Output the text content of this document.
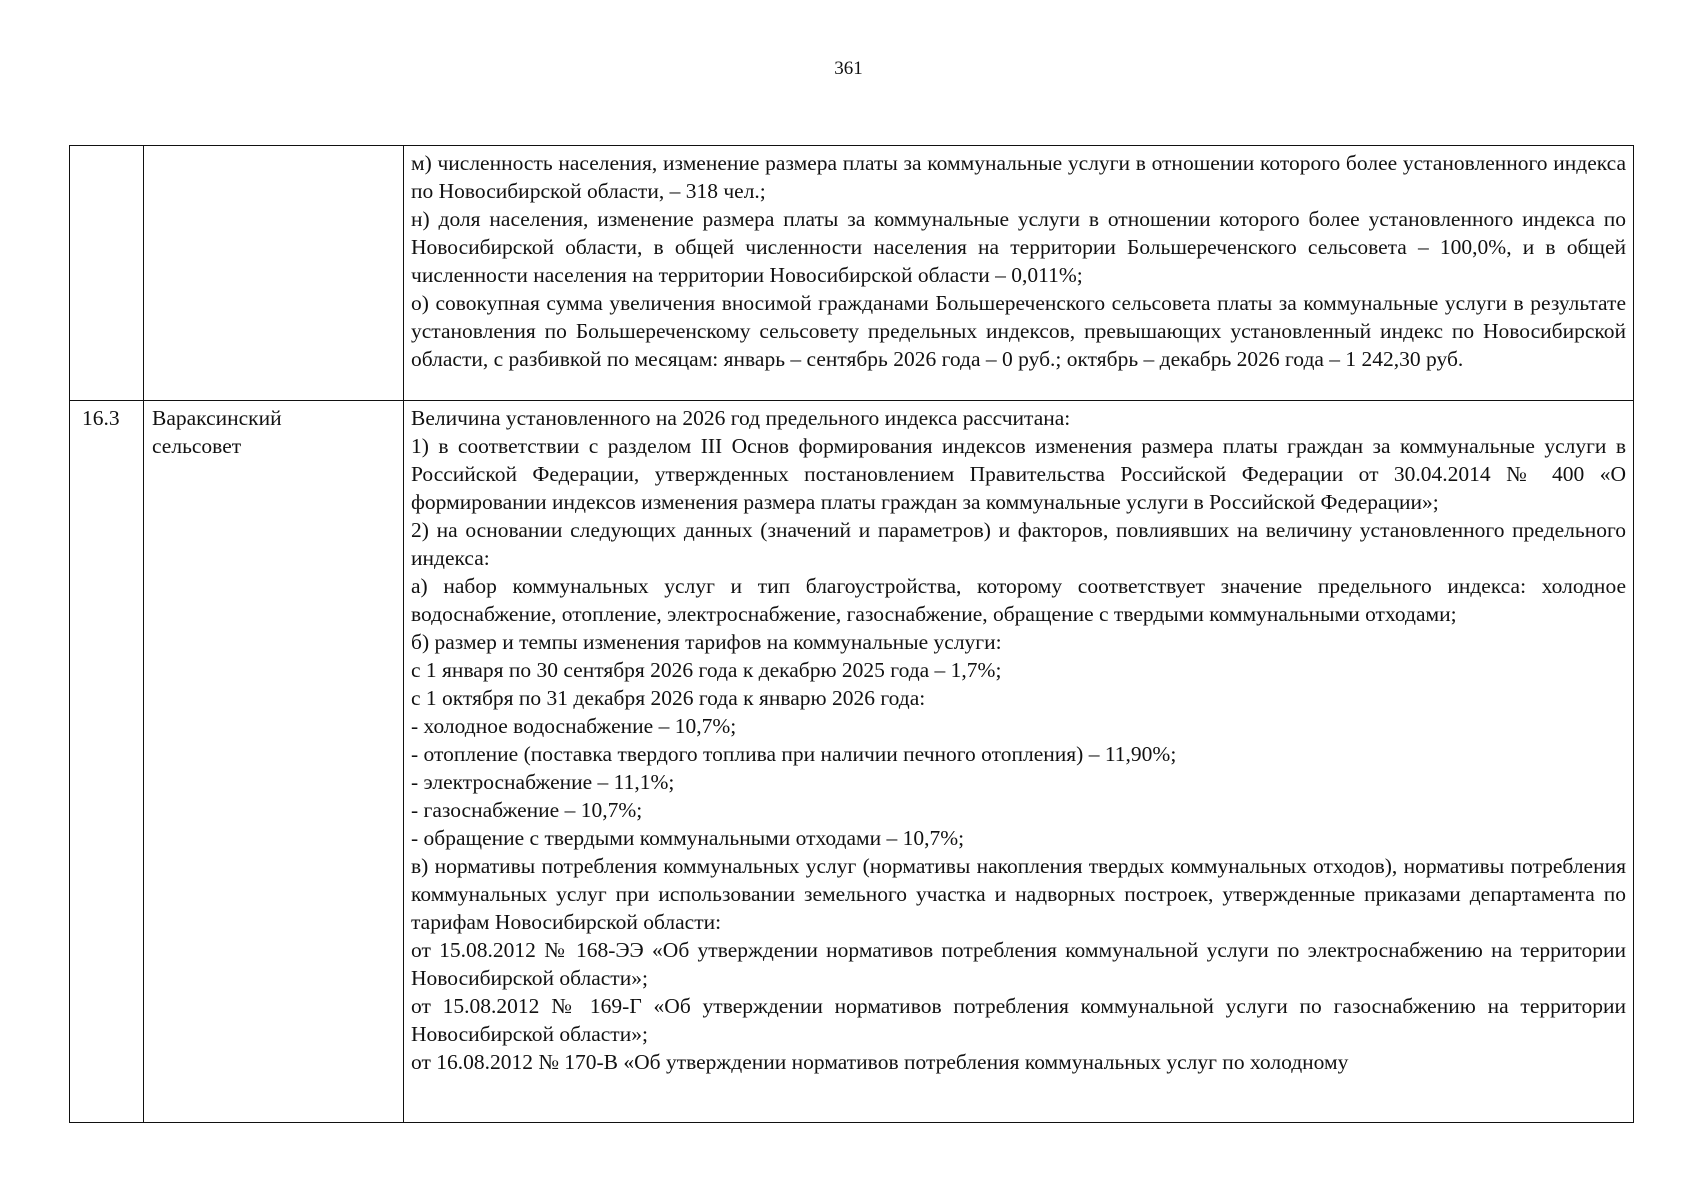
361

м) численность населения, изменение размера платы за коммунальные услуги в отношении которого более установленного индекса по Новосибирской области, – 318 чел.;

н) доля населения, изменение размера платы за коммунальные услуги в отношении которого более установленного индекса по Новосибирской области, в общей численности населения на территории Большереченского сельсовета – 100,0%, и в общей численности населения на территории Новосибирской области – 0,011%;

о) совокупная сумма увеличения вносимой гражданами Большереченского сельсовета платы за коммунальные услуги в результате установления по Большереченскому сельсовету предельных индексов, превышающих установленный индекс по Новосибирской области, с разбивкой по месяцам: январь – сентябрь 2026 года – 0 руб.; октябрь – декабрь 2026 года – 1 242,30 руб.

16.3	Вараксинский
сельсовет

Величина установленного на 2026 год предельного индекса рассчитана:

1) в соответствии с разделом III Основ формирования индексов изменения размера платы граждан за коммунальные услуги в Российской Федерации, утвержденных постановлением Правительства Российской Федерации от 30.04.2014 № 400 «О формировании индексов изменения размера платы граждан за коммунальные услуги в Российской Федерации»;

2) на основании следующих данных (значений и параметров) и факторов, повлиявших на величину установленного предельного индекса:

а) набор коммунальных услуг и тип благоустройства, которому соответствует значение предельного индекса: холодное водоснабжение, отопление, электроснабжение, газоснабжение, обращение с твердыми коммунальными отходами;

б) размер и темпы изменения тарифов на коммунальные услуги:

с 1 января по 30 сентября 2026 года к декабрю 2025 года – 1,7%;

с 1 октября по 31 декабря 2026 года к январю 2026 года:

- холодное водоснабжение – 10,7%;

- отопление (поставка твердого топлива при наличии печного отопления) – 11,90%;

- электроснабжение – 11,1%;

- газоснабжение – 10,7%;

- обращение с твердыми коммунальными отходами – 10,7%;

в) нормативы потребления коммунальных услуг (нормативы накопления твердых коммунальных отходов), нормативы потребления коммунальных услуг при использовании земельного участка и надворных построек, утвержденные приказами департамента по тарифам Новосибирской области:

от 15.08.2012 № 168-ЭЭ «Об утверждении нормативов потребления коммунальной услуги по электроснабжению на территории Новосибирской области»;

от 15.08.2012 № 169-Г «Об утверждении нормативов потребления коммунальной услуги по газоснабжению на территории Новосибирской области»;

от 16.08.2012 № 170-В «Об утверждении нормативов потребления коммунальных услуг по холодному
